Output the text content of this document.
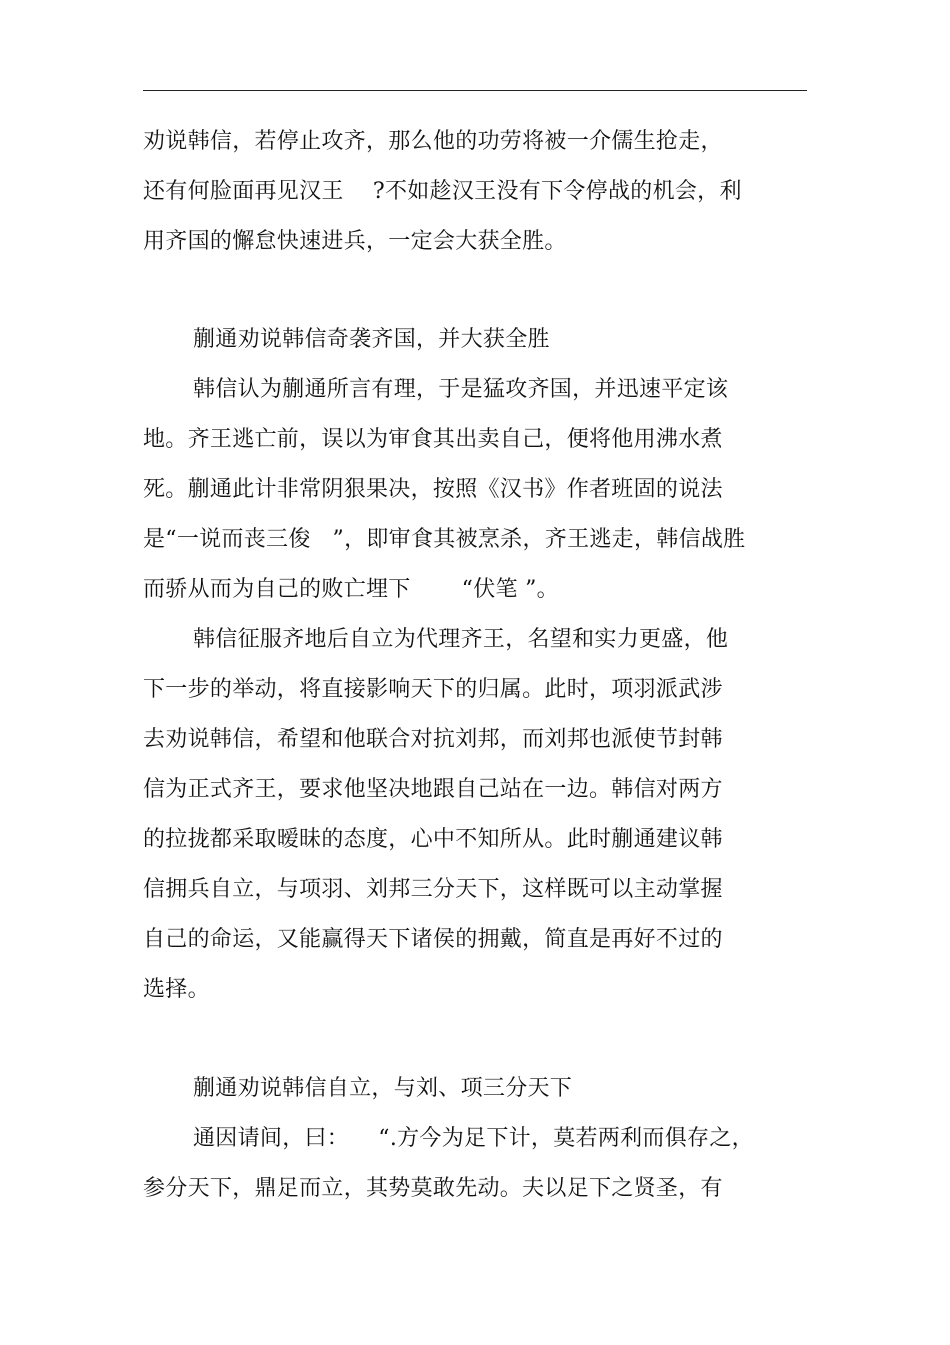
劝说韩信，若停止攻齐，那么他的功劳将被一介儒生抢走，
还有何脸面再见汉王    ?不如趁汉王没有下令停战的机会，利
用齐国的懈怠快速进兵，一定会大获全胜。
蒯通劝说韩信奇袭齐国，并大获全胜
韩信认为蒯通所言有理，于是猛攻齐国，并迅速平定该
地。齐王逃亡前，误以为审食其出卖自己，便将他用沸水煮
死。蒯通此计非常阴狠果决，按照《汉书》作者班固的说法
是“一说而丧三俊   ”，即审食其被烹杀，齐王逃走，韩信战胜
而骄从而为自己的败亡埋下       “伏笔 ”。
韩信征服齐地后自立为代理齐王，名望和实力更盛，他
下一步的举动，将直接影响天下的归属。此时，项羽派武涉
去劝说韩信，希望和他联合对抗刘邦，而刘邦也派使节封韩
信为正式齐王，要求他坚决地跟自己站在一边。韩信对两方
的拉拢都采取暧昧的态度，心中不知所从。此时蒯通建议韩
信拥兵自立，与项羽、刘邦三分天下，这样既可以主动掌握
自己的命运，又能赢得天下诸侯的拥戴，简直是再好不过的
选择。
蒯通劝说韩信自立，与刘、项三分天下
通因请间，曰：    “.方今为足下计，莫若两利而俱存之，
参分天下，鼎足而立，其势莫敢先动。夫以足下之贤圣，有
